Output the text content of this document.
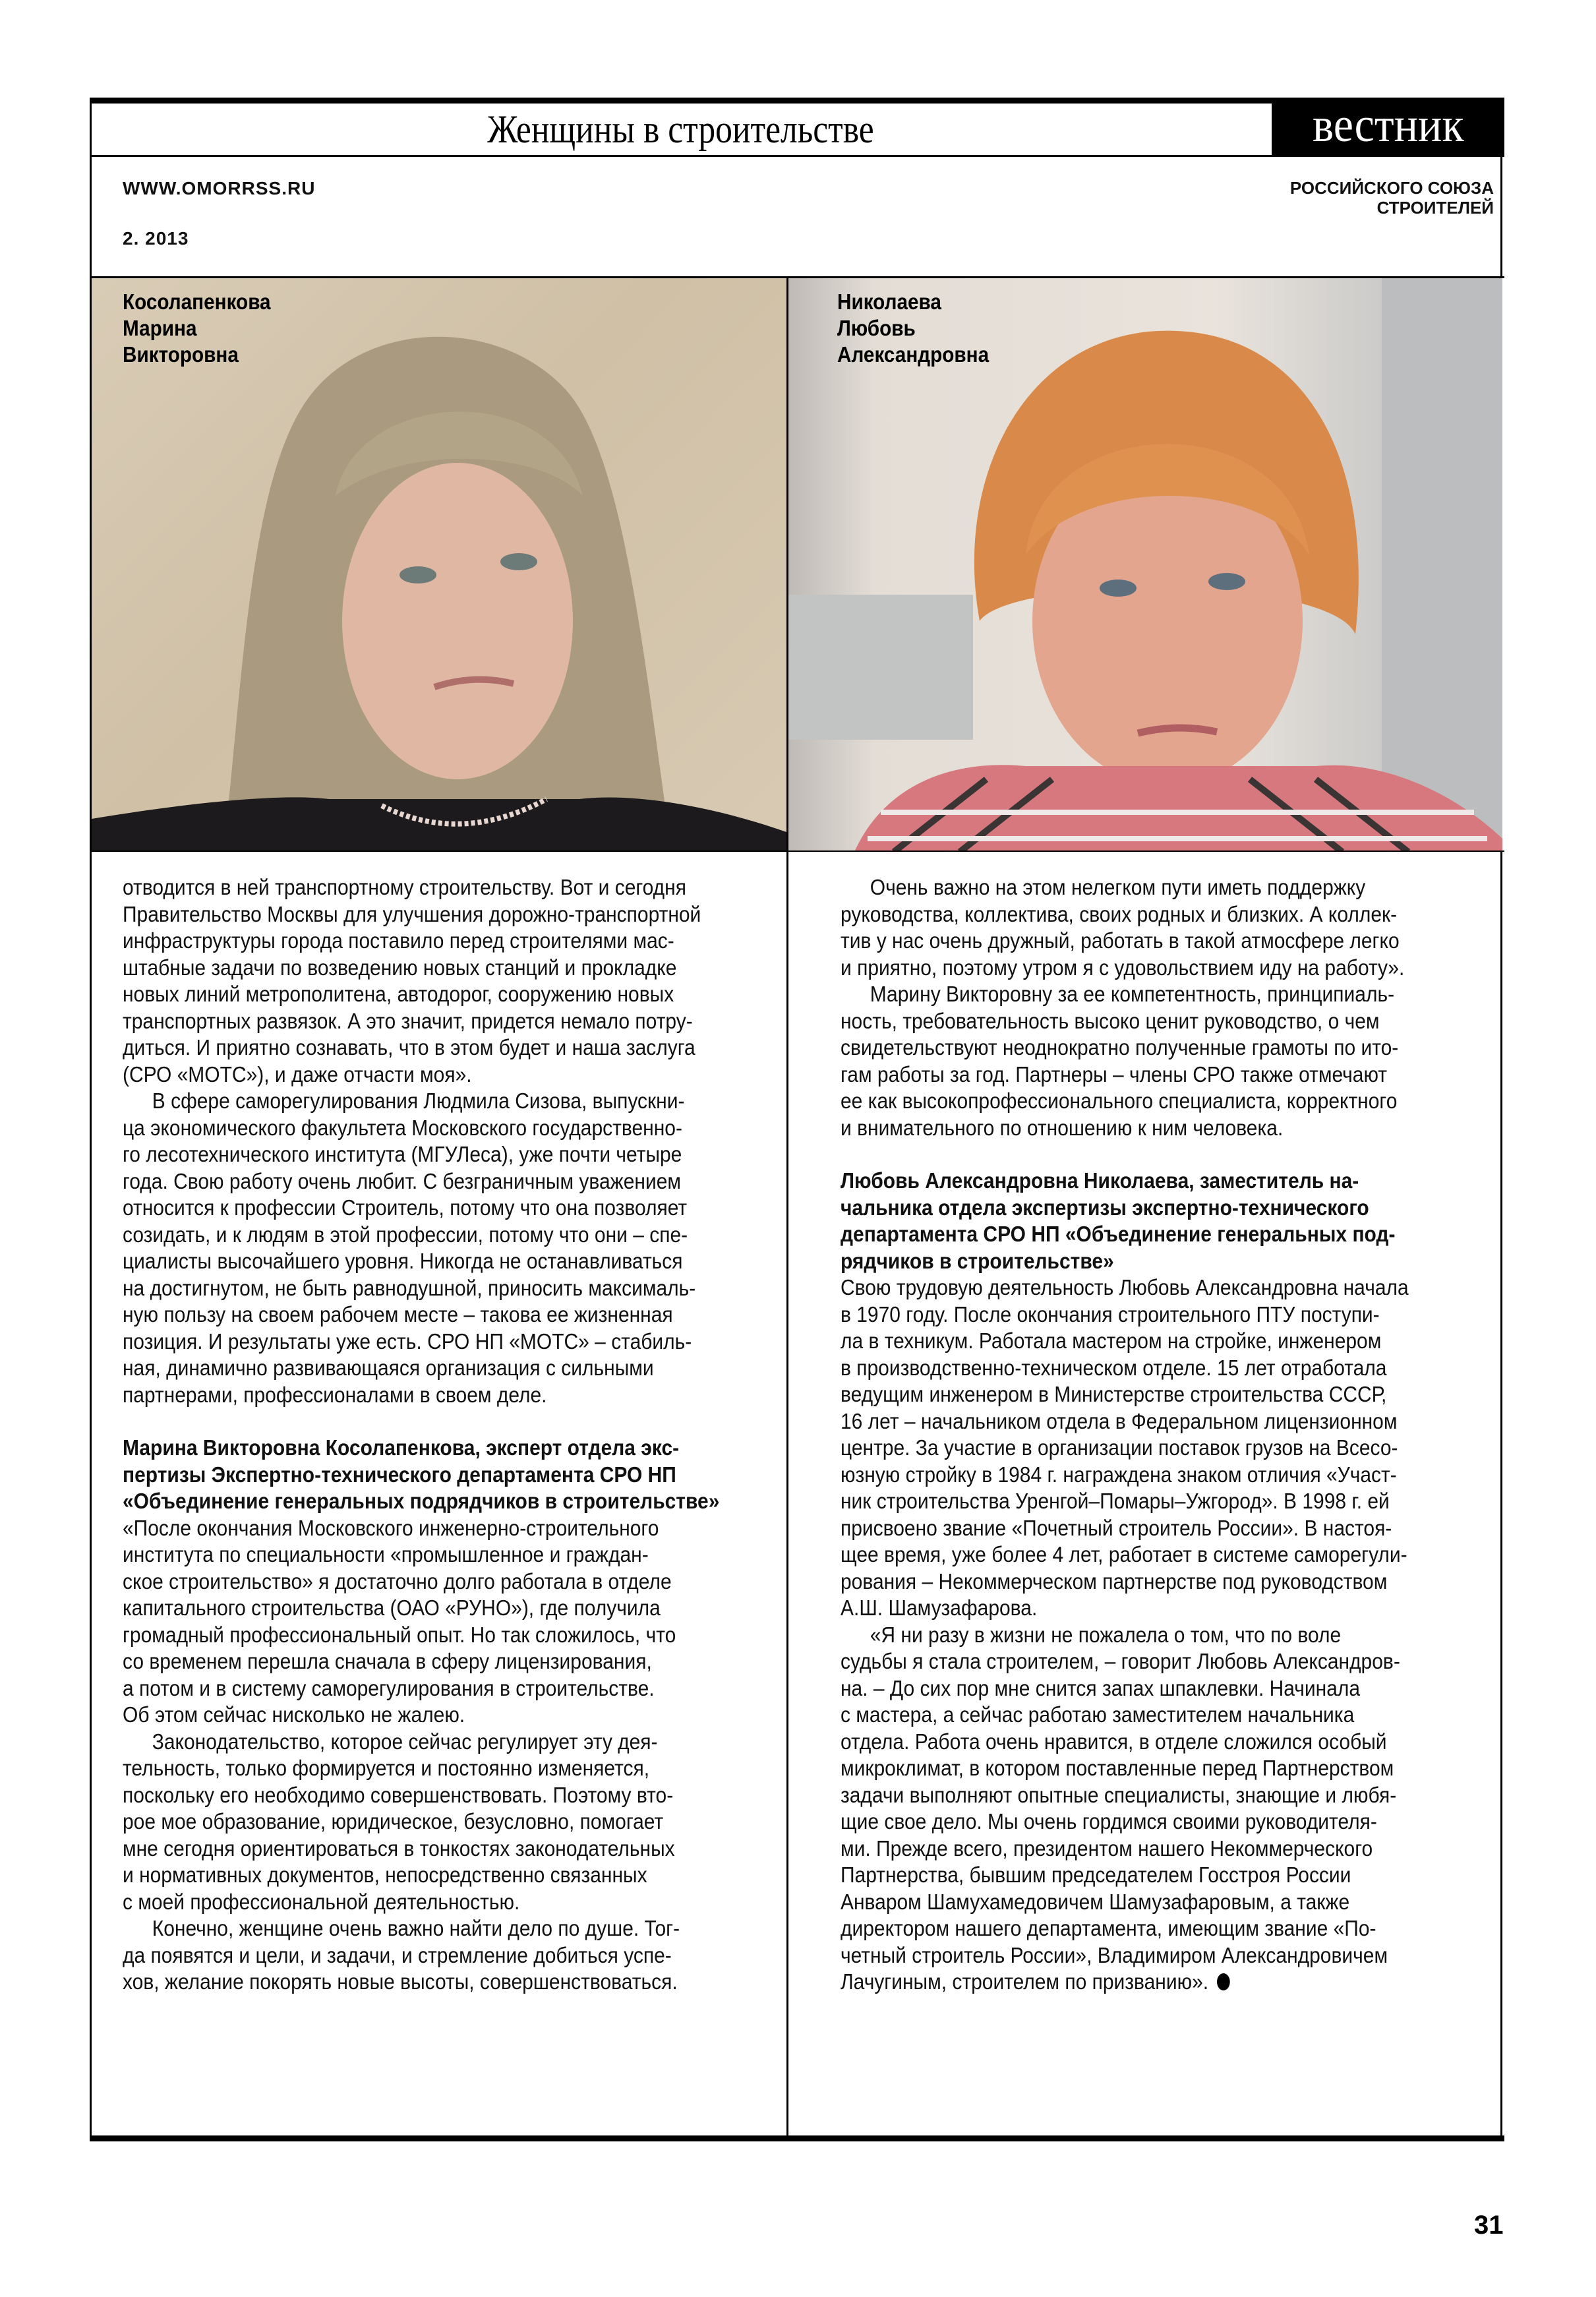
Женщины в строительстве	вестник
WWW.OMORRSS.RU
2. 2013
РОССИЙСКОГО СОЮЗА
СТРОИТЕЛЕЙ
Косолапенкова
Марина
Викторовна
Николаева
Любовь
Александровна
отводится в ней транспортному строительству. Вот и сегодня
Правительство Москвы для улучшения дорожно-транспортной
инфраструктуры города поставило перед строителями мас-
штабные задачи по возведению новых станций и прокладке
новых линий метрополитена, автодорог, сооружению новых
транспортных развязок. А это значит, придется немало потру-
диться. И приятно сознавать, что в этом будет и наша заслуга
(СРО «МОТС»), и даже отчасти моя».
В сфере саморегулирования Людмила Сизова, выпускни-
ца экономического факультета Московского государственно-
го лесотехнического института (МГУЛеса), уже почти четыре
года. Свою работу очень любит. С безграничным уважением
относится к профессии Строитель, потому что она позволяет
созидать, и к людям в этой профессии, потому что они – спе-
циалисты высочайшего уровня. Никогда не останавливаться
на достигнутом, не быть равнодушной, приносить максималь-
ную пользу на своем рабочем месте – такова ее жизненная
позиция. И результаты уже есть. СРО НП «МОТС» – стабиль-
ная, динамично развивающаяся организация с сильными
партнерами, профессионалами в своем деле.
Марина Викторовна Косолапенкова, эксперт отдела экс-
пертизы Экспертно-технического департамента СРО НП
«Объединение генеральных подрядчиков в строительстве»
«После окончания Московского инженерно-строительного
института по специальности «промышленное и граждан-
ское строительство» я достаточно долго работала в отделе
капитального строительства (ОАО «РУНО»), где получила
громадный профессиональный опыт. Но так сложилось, что
со временем перешла сначала в сферу лицензирования,
а потом и в систему саморегулирования в строительстве.
Об этом сейчас нисколько не жалею.
Законодательство, которое сейчас регулирует эту дея-
тельность, только формируется и постоянно изменяется,
поскольку его необходимо совершенствовать. Поэтому вто-
рое мое образование, юридическое, безусловно, помогает
мне сегодня ориентироваться в тонкостях законодательных
и нормативных документов, непосредственно связанных
с моей профессиональной деятельностью.
Конечно, женщине очень важно найти дело по душе. Тог-
да появятся и цели, и задачи, и стремление добиться успе-
хов, желание покорять новые высоты, совершенствоваться.
Очень важно на этом нелегком пути иметь поддержку
руководства, коллектива, своих родных и близких. А коллек-
тив у нас очень дружный, работать в такой атмосфере легко
и приятно, поэтому утром я с удовольствием иду на работу».
Марину Викторовну за ее компетентность, принципиаль-
ность, требовательность высоко ценит руководство, о чем
свидетельствуют неоднократно полученные грамоты по ито-
гам работы за год. Партнеры – члены СРО также отмечают
ее как высокопрофессионального специалиста, корректного
и внимательного по отношению к ним человека.
Любовь Александровна Николаева, заместитель на-
чальника отдела экспертизы экспертно-технического
департамента СРО НП «Объединение генеральных под-
рядчиков в строительстве»
Свою трудовую деятельность Любовь Александровна начала
в 1970 году. После окончания строительного ПТУ поступи-
ла в техникум. Работала мастером на стройке, инженером
в производственно-техническом отделе. 15 лет отработала
ведущим инженером в Министерстве строительства СССР,
16 лет – начальником отдела в Федеральном лицензионном
центре. За участие в организации поставок грузов на Всесо-
юзную стройку в 1984 г. награждена знаком отличия «Участ-
ник строительства Уренгой–Помары–Ужгород». В 1998 г. ей
присвоено звание «Почетный строитель России». В настоя-
щее время, уже более 4 лет, работает в системе саморегули-
рования – Некоммерческом партнерстве под руководством
А.Ш. Шамузафарова.
«Я ни разу в жизни не пожалела о том, что по воле
судьбы я стала строителем, – говорит Любовь Александров-
на. – До сих пор мне снится запах шпаклевки. Начинала
с мастера, а сейчас работаю заместителем начальника
отдела. Работа очень нравится, в отделе сложился особый
микроклимат, в котором поставленные перед Партнерством
задачи выполняют опытные специалисты, знающие и любя-
щие свое дело. Мы очень гордимся своими руководителя-
ми. Прежде всего, президентом нашего Некоммерческого
Партнерства, бывшим председателем Госстроя России
Анваром Шамухамедовичем Шамузафаровым, а также
директором нашего департамента, имеющим звание «По-
четный строитель России», Владимиром Александровичем
Лачугиным, строителем по призванию».
31
